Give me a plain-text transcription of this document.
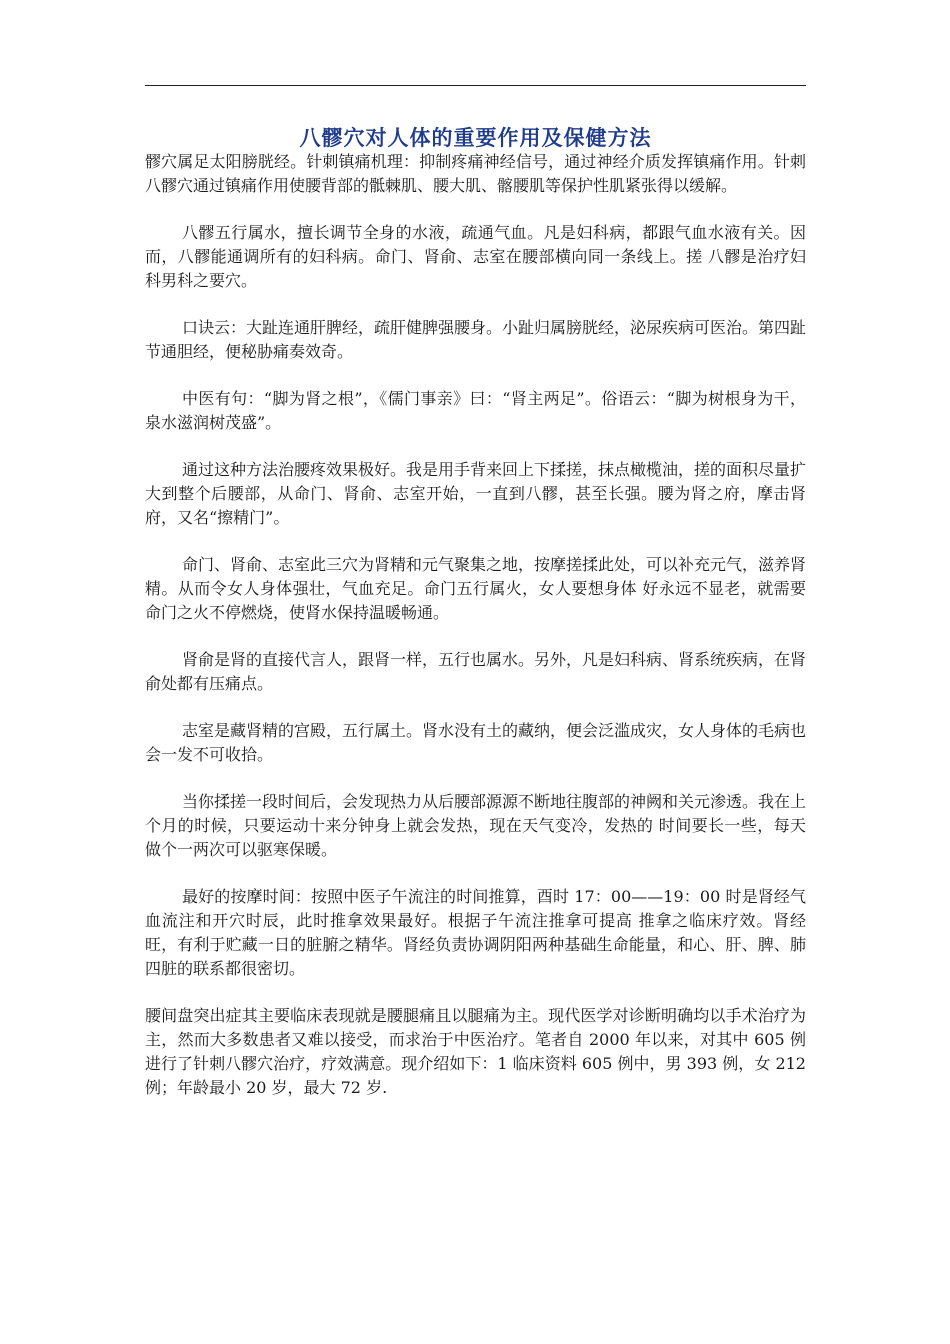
八髎穴对人体的重要作用及保健方法

髎穴属足太阳膀胱经。针刺镇痛机理：抑制疼痛神经信号，通过神经介质发挥镇痛作用。针刺八髎穴通过镇痛作用使腰背部的骶棘肌、腰大肌、髂腰肌等保护性肌紧张得以缓解。

八髎五行属水，擅长调节全身的水液，疏通气血。凡是妇科病，都跟气血水液有关。因而，八髎能通调所有的妇科病。命门、肾俞、志室在腰部横向同一条线上。搓 八髎是治疗妇科男科之要穴。

口诀云：大趾连通肝脾经，疏肝健脾强腰身。小趾归属膀胱经，泌尿疾病可医治。第四趾节通胆经，便秘胁痛奏效奇。

中医有句：“脚为肾之根”，《儒门事亲》曰：“肾主两足”。俗语云：“脚为树根身为干，泉水滋润树茂盛”。

通过这种方法治腰疼效果极好。我是用手背来回上下揉搓，抹点橄榄油，搓的面积尽量扩大到整个后腰部，从命门、肾俞、志室开始，一直到八髎，甚至长强。腰为肾之府，摩击肾府，又名“擦精门”。

命门、肾俞、志室此三穴为肾精和元气聚集之地，按摩搓揉此处，可以补充元气，滋养肾精。从而令女人身体强壮，气血充足。命门五行属火，女人要想身体 好永远不显老，就需要命门之火不停燃烧，使肾水保持温暖畅通。

肾俞是肾的直接代言人，跟肾一样，五行也属水。另外，凡是妇科病、肾系统疾病，在肾俞处都有压痛点。

志室是藏肾精的宫殿，五行属土。肾水没有土的藏纳，便会泛滥成灾，女人身体的毛病也会一发不可收拾。

当你揉搓一段时间后，会发现热力从后腰部源源不断地往腹部的神阙和关元渗透。我在上个月的时候，只要运动十来分钟身上就会发热，现在天气变冷，发热的 时间要长一些，每天做个一两次可以驱寒保暖。

最好的按摩时间：按照中医子午流注的时间推算，酉时 17：00——19：00 时是肾经气血流注和开穴时辰，此时推拿效果最好。根据子午流注推拿可提高 推拿之临床疗效。肾经旺，有利于贮藏一日的脏腑之精华。肾经负责协调阴阳两种基础生命能量，和心、肝、脾、肺四脏的联系都很密切。

腰间盘突出症其主要临床表现就是腰腿痛且以腿痛为主。现代医学对诊断明确均以手术治疗为主，然而大多数患者又难以接受，而求治于中医治疗。笔者自 2000 年以来，对其中 605 例进行了针刺八髎穴治疗，疗效满意。现介绍如下：1 临床资料 605 例中，男 393 例，女 212 例；年龄最小 20 岁，最大 72 岁.
